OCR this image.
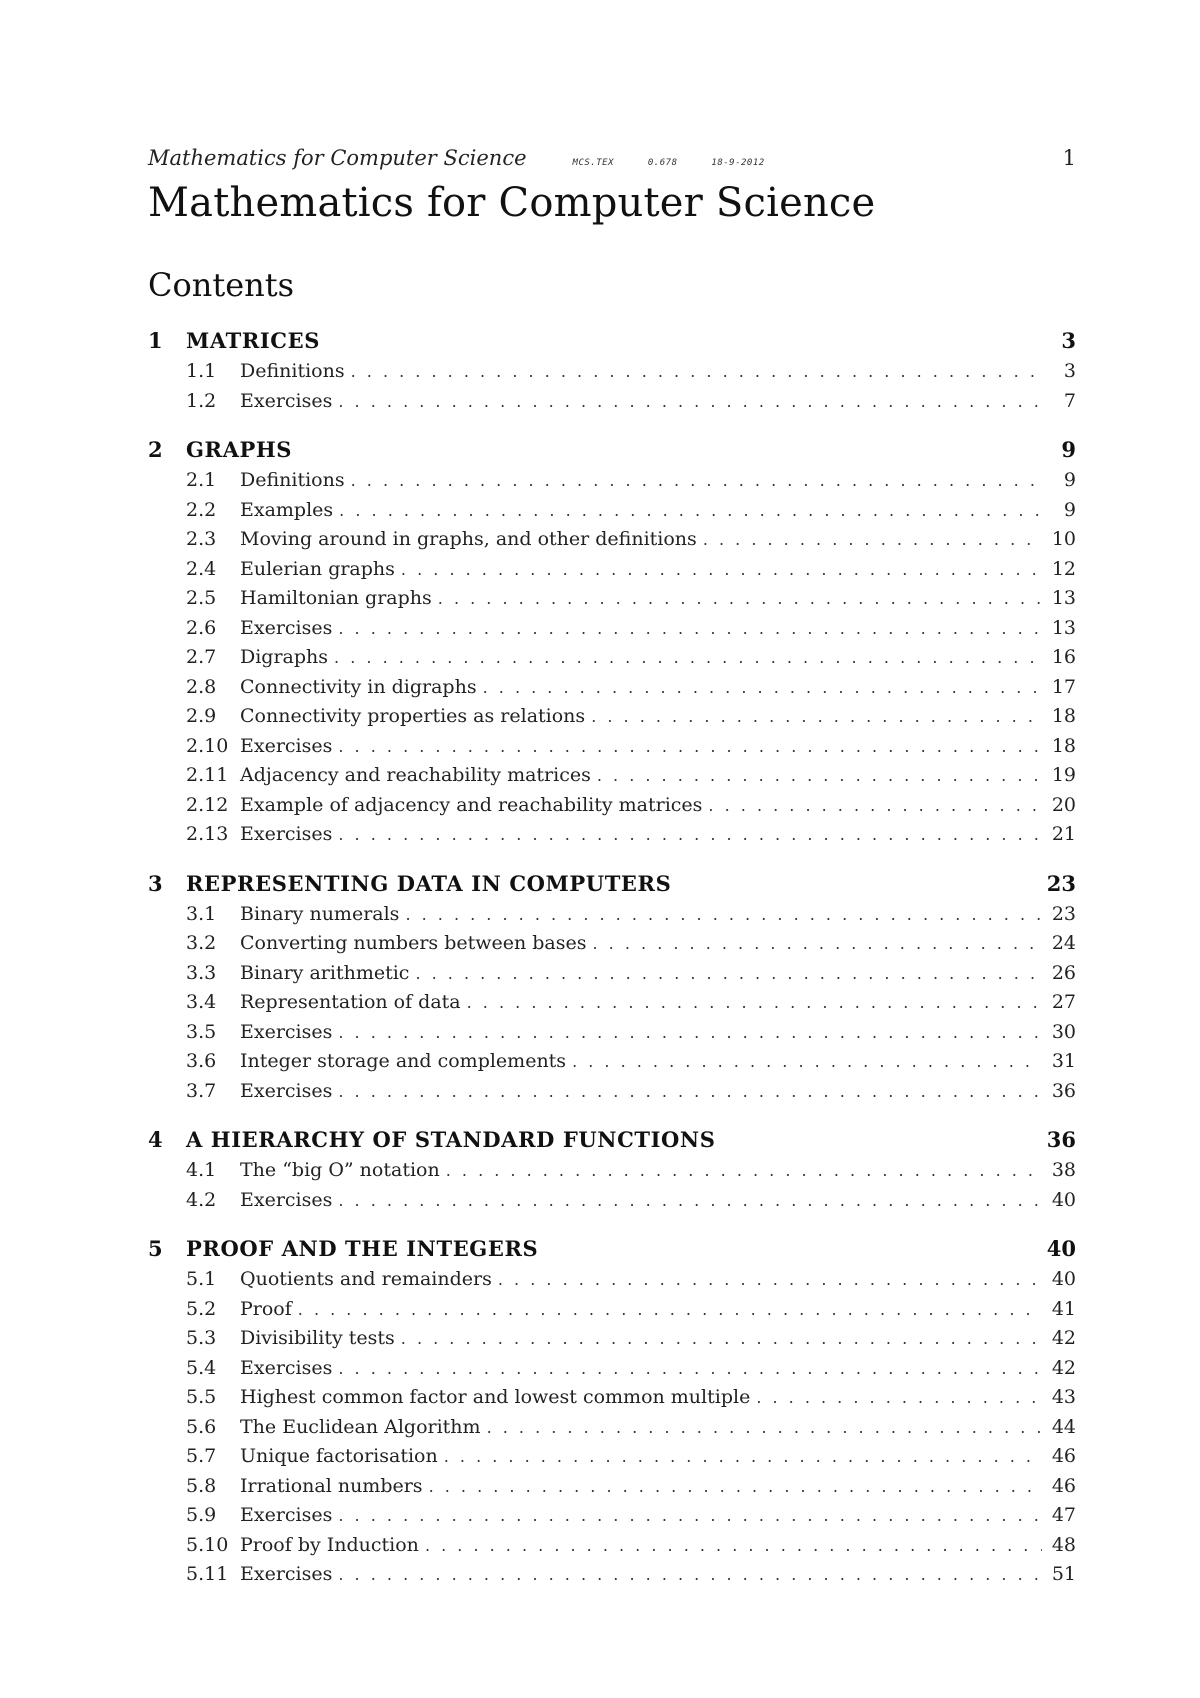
Mathematics for Computer Science	MCS.TEX	0.678	18-9-2012	1
Mathematics for Computer Science
Contents
1	MATRICES	3
1.1	Definitions . . .	3
1.2	Exercises . . .	7
2	GRAPHS	9
2.1	Definitions . . .	9
2.2	Examples . . .	9
2.3	Moving around in graphs, and other definitions . . .	10
2.4	Eulerian graphs . . .	12
2.5	Hamiltonian graphs . . .	13
2.6	Exercises . . .	13
2.7	Digraphs . . .	16
2.8	Connectivity in digraphs . . .	17
2.9	Connectivity properties as relations . . .	18
2.10 Exercises . . .	18
2.11 Adjacency and reachability matrices . . .	19
2.12 Example of adjacency and reachability matrices . . .	20
2.13 Exercises . . .	21
3	REPRESENTING DATA IN COMPUTERS	23
3.1	Binary numerals . . .	23
3.2	Converting numbers between bases . . .	24
3.3	Binary arithmetic . . .	26
3.4	Representation of data . . .	27
3.5	Exercises . . .	30
3.6	Integer storage and complements . . .	31
3.7	Exercises . . .	36
4	A HIERARCHY OF STANDARD FUNCTIONS	36
4.1	The “big O” notation . . .	38
4.2	Exercises . . .	40
5	PROOF AND THE INTEGERS	40
5.1	Quotients and remainders . . .	40
5.2	Proof . . .	41
5.3	Divisibility tests . . .	42
5.4	Exercises . . .	42
5.5	Highest common factor and lowest common multiple . . .	43
5.6	The Euclidean Algorithm . . .	44
5.7	Unique factorisation . . .	46
5.8	Irrational numbers . . .	46
5.9	Exercises . . .	47
5.10 Proof by Induction . . .	48
5.11 Exercises . . .	51
